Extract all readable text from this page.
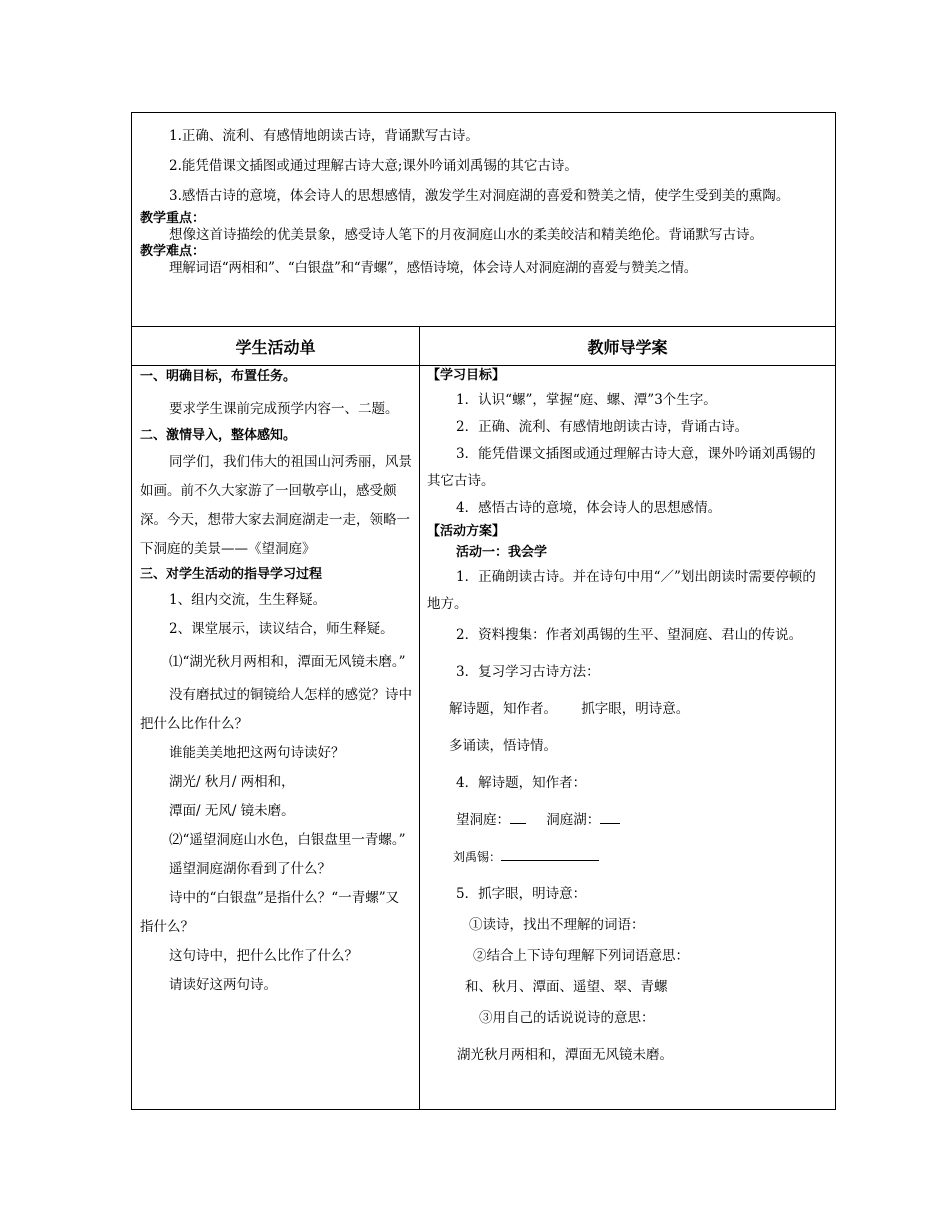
1.正确、流利、有感情地朗读古诗，背诵默写古诗。

2.能凭借课文插图或通过理解古诗大意;课外吟诵刘禹锡的其它古诗。

3.感悟古诗的意境，体会诗人的思想感情，激发学生对洞庭湖的喜爱和赞美之情，使学生受到美的熏陶。

教学重点：

想像这首诗描绘的优美景象，感受诗人笔下的月夜洞庭山水的柔美皎洁和精美绝伦。背诵默写古诗。

教学难点：

理解词语“两相和”、“白银盘”和“青螺”，感悟诗境，体会诗人对洞庭湖的喜爱与赞美之情。

学生活动单	教师导学案

一、明确目标，布置任务。

要求学生课前完成预学内容一、二题。

二、激情导入，整体感知。

同学们，我们伟大的祖国山河秀丽，风景如画。前不久大家游了一回敬亭山，感受颇深。今天，想带大家去洞庭湖走一走，领略一下洞庭的美景——《望洞庭》

三、对学生活动的指导学习过程

1、组内交流，生生释疑。

2、课堂展示，读议结合，师生释疑。

⑴“湖光秋月两相和，潭面无风镜未磨。”

没有磨拭过的铜镜给人怎样的感觉？诗中把什么比作什么？

谁能美美地把这两句诗读好？

湖光/ 秋月/ 两相和，

潭面/ 无风/ 镜未磨。

⑵“遥望洞庭山水色，白银盘里一青螺。”

遥望洞庭湖你看到了什么？

诗中的“白银盘”是指什么？“一青螺”又指什么？

这句诗中，把什么比作了什么？

请读好这两句诗。

【学习目标】

1．认识“螺”，掌握“庭、螺、潭”3个生字。

2．正确、流利、有感情地朗读古诗，背诵古诗。

3．能凭借课文插图或通过理解古诗大意，课外吟诵刘禹锡的其它古诗。

4．感悟古诗的意境，体会诗人的思想感情。

【活动方案】

活动一：我会学

1．正确朗读古诗。并在诗句中用“／”划出朗读时需要停顿的地方。

2．资料搜集：作者刘禹锡的生平、望洞庭、君山的传说。

3．复习学习古诗方法：

解诗题，知作者。 抓字眼，明诗意。

多诵读，悟诗情。

4．解诗题，知作者：

望洞庭：	洞庭湖：

刘禹锡：

5．抓字眼，明诗意：

①读诗，找出不理解的词语：

②结合上下诗句理解下列词语意思：

和、秋月、潭面、遥望、翠、青螺

③用自己的话说说诗的意思：

湖光秋月两相和，潭面无风镜未磨。
